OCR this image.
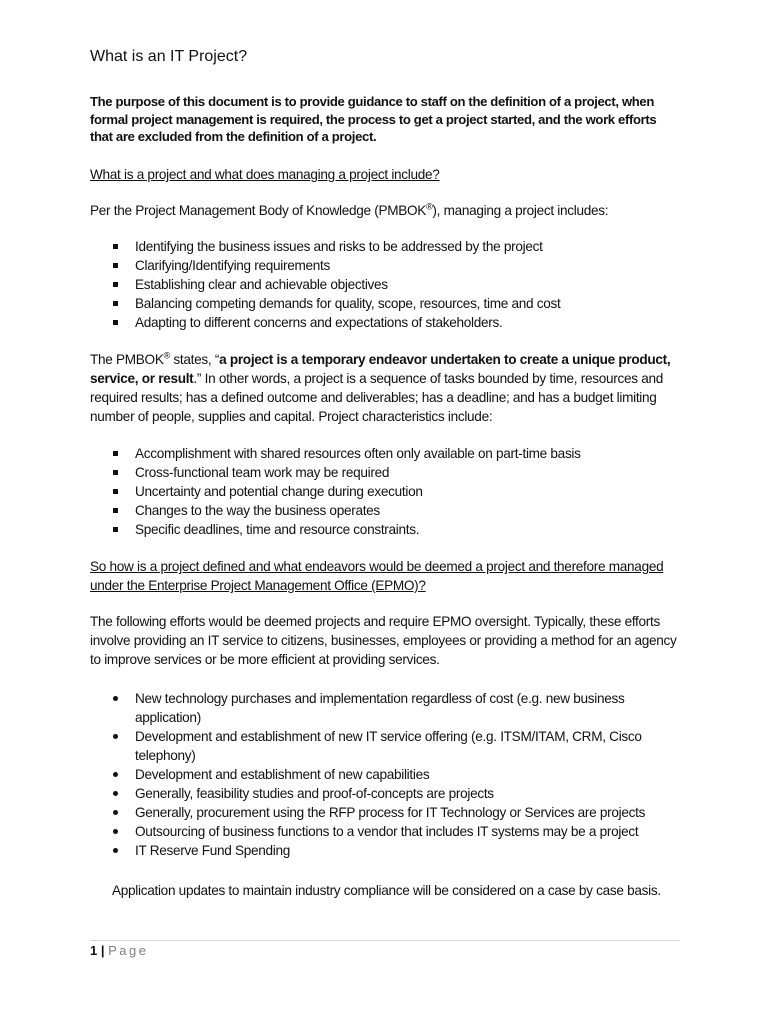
What is an IT Project?
The purpose of this document is to provide guidance to staff on the definition of a project, when formal project management is required, the process to get a project started, and the work efforts that are excluded from the definition of a project.
What is a project and what does managing a project include?
Per the Project Management Body of Knowledge (PMBOK®), managing a project includes:
Identifying the business issues and risks to be addressed by the project
Clarifying/Identifying requirements
Establishing clear and achievable objectives
Balancing competing demands for quality, scope, resources, time and cost
Adapting to different concerns and expectations of stakeholders.
The PMBOK® states, “a project is a temporary endeavor undertaken to create a unique product, service, or result.” In other words, a project is a sequence of tasks bounded by time, resources and required results; has a defined outcome and deliverables; has a deadline; and has a budget limiting number of people, supplies and capital. Project characteristics include:
Accomplishment with shared resources often only available on part-time basis
Cross-functional team work may be required
Uncertainty and potential change during execution
Changes to the way the business operates
Specific deadlines, time and resource constraints.
So how is a project defined and what endeavors would be deemed a project and therefore managed under the Enterprise Project Management Office (EPMO)?
The following efforts would be deemed projects and require EPMO oversight. Typically, these efforts involve providing an IT service to citizens, businesses, employees or providing a method for an agency to improve services or be more efficient at providing services.
New technology purchases and implementation regardless of cost (e.g. new business application)
Development and establishment of new IT service offering (e.g. ITSM/ITAM, CRM, Cisco telephony)
Development and establishment of new capabilities
Generally, feasibility studies and proof-of-concepts are projects
Generally, procurement using the RFP process for IT Technology or Services are projects
Outsourcing of business functions to a vendor that includes IT systems may be a project
IT Reserve Fund Spending
Application updates to maintain industry compliance will be considered on a case by case basis.
1 | Page
